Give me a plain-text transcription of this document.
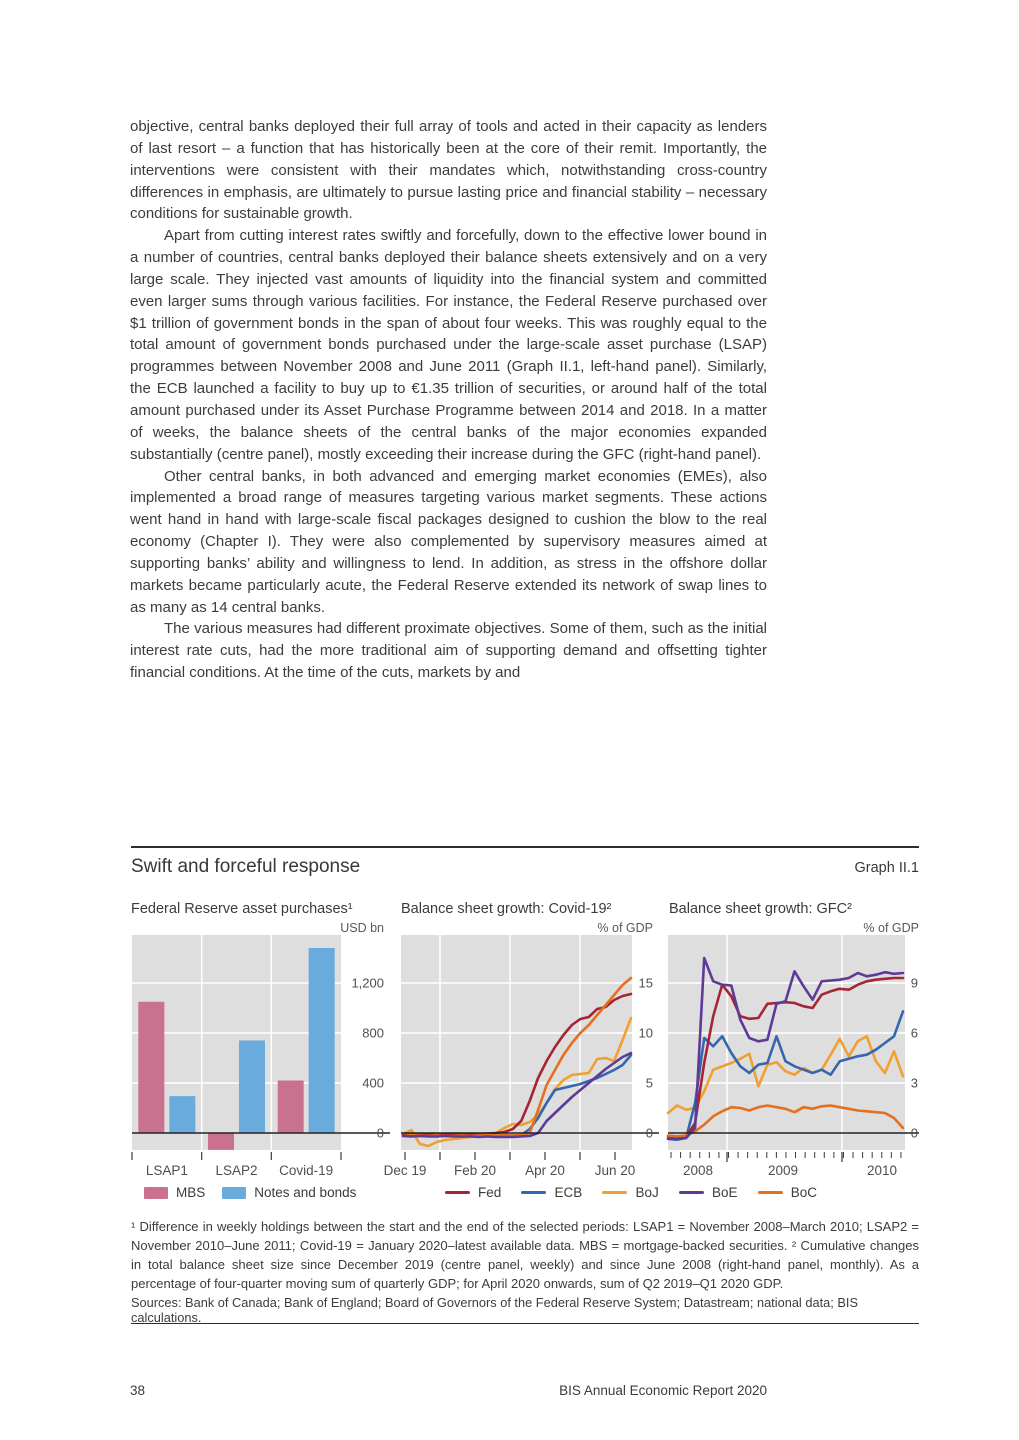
objective, central banks deployed their full array of tools and acted in their capacity as lenders of last resort – a function that has historically been at the core of their remit. Importantly, the interventions were consistent with their mandates which, notwithstanding cross-country differences in emphasis, are ultimately to pursue lasting price and financial stability – necessary conditions for sustainable growth.

Apart from cutting interest rates swiftly and forcefully, down to the effective lower bound in a number of countries, central banks deployed their balance sheets extensively and on a very large scale. They injected vast amounts of liquidity into the financial system and committed even larger sums through various facilities. For instance, the Federal Reserve purchased over $1 trillion of government bonds in the span of about four weeks. This was roughly equal to the total amount of government bonds purchased under the large-scale asset purchase (LSAP) programmes between November 2008 and June 2011 (Graph II.1, left-hand panel). Similarly, the ECB launched a facility to buy up to €1.35 trillion of securities, or around half of the total amount purchased under its Asset Purchase Programme between 2014 and 2018. In a matter of weeks, the balance sheets of the central banks of the major economies expanded substantially (centre panel), mostly exceeding their increase during the GFC (right-hand panel).

Other central banks, in both advanced and emerging market economies (EMEs), also implemented a broad range of measures targeting various market segments. These actions went hand in hand with large-scale fiscal packages designed to cushion the blow to the real economy (Chapter I). They were also complemented by supervisory measures aimed at supporting banks’ ability and willingness to lend. In addition, as stress in the offshore dollar markets became particularly acute, the Federal Reserve extended its network of swap lines to as many as 14 central banks.

The various measures had different proximate objectives. Some of them, such as the initial interest rate cuts, had the more traditional aim of supporting demand and offsetting tighter financial conditions. At the time of the cuts, markets by and

Swift and forceful response	Graph II.1
Federal Reserve asset purchases¹
USD bn
Balance sheet growth: Covid-19²
% of GDP
Balance sheet growth: GFC²
% of GDP
LSAP1 LSAP2 Covid-19
0
400
800
1,200
Dec 19 Feb 20 Apr 20 Jun 20
0
5
10
15
2008	2009	2010
0
3
6
9
MBS	Notes and bonds	Fed	ECB	BoJ	BoE	BoC
¹ Difference in weekly holdings between the start and the end of the selected periods: LSAP1 = November 2008–March 2010; LSAP2 = November 2010–June 2011; Covid-19 = January 2020–latest available data. MBS = mortgage-backed securities. ² Cumulative changes in total balance sheet size since December 2019 (centre panel, weekly) and since June 2008 (right-hand panel, monthly). As a percentage of four-quarter moving sum of quarterly GDP; for April 2020 onwards, sum of Q2 2019–Q1 2020 GDP.
Sources: Bank of Canada; Bank of England; Board of Governors of the Federal Reserve System; Datastream; national data; BIS calculations.
38	BIS Annual Economic Report 2020
